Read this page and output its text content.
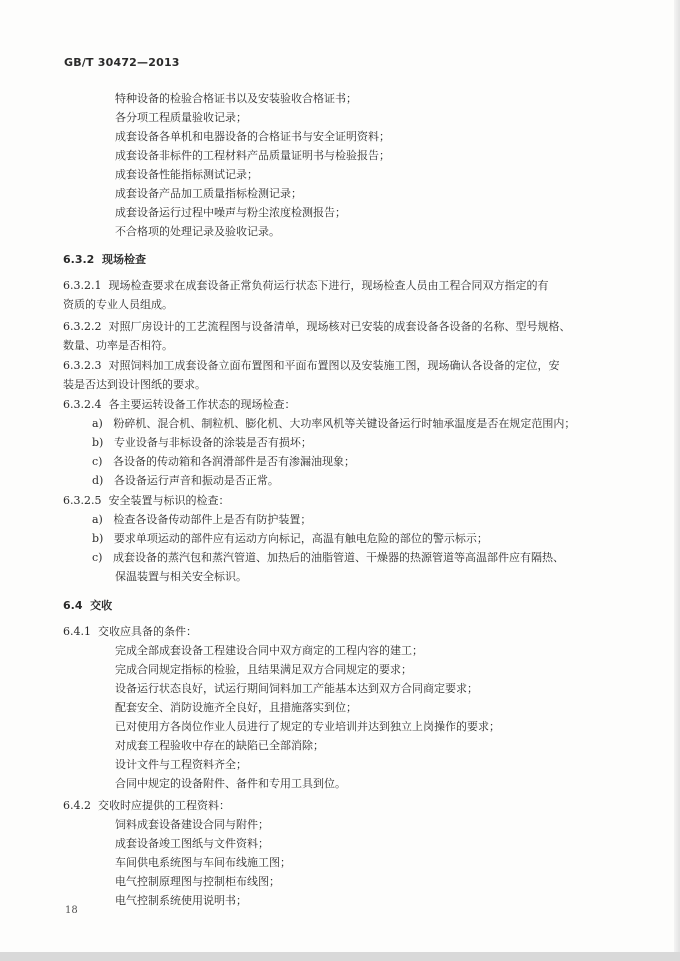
GB/T 30472—2013
特种设备的检验合格证书以及安装验收合格证书；
各分项工程质量验收记录；
成套设备各单机和电器设备的合格证书与安全证明资料；
成套设备非标件的工程材料产品质量证明书与检验报告；
成套设备性能指标测试记录；
成套设备产品加工质量指标检测记录；
成套设备运行过程中噪声与粉尘浓度检测报告；
不合格项的处理记录及验收记录。
6.3.2 现场检查
6.3.2.1 现场检查要求在成套设备正常负荷运行状态下进行，现场检查人员由工程合同双方指定的有
资质的专业人员组成。
6.3.2.2 对照厂房设计的工艺流程图与设备清单，现场核对已安装的成套设备各设备的名称、型号规格、
数量、功率是否相符。
6.3.2.3 对照饲料加工成套设备立面布置图和平面布置图以及安装施工图，现场确认各设备的定位，安
装是否达到设计图纸的要求。
6.3.2.4 各主要运转设备工作状态的现场检查：
a) 粉碎机、混合机、制粒机、膨化机、大功率风机等关键设备运行时轴承温度是否在规定范围内；
b) 专业设备与非标设备的涂装是否有损坏；
c) 各设备的传动箱和各润滑部件是否有渗漏油现象；
d) 各设备运行声音和振动是否正常。
6.3.2.5 安全装置与标识的检查：
a) 检查各设备传动部件上是否有防护装置；
b) 要求单项运动的部件应有运动方向标记，高温有触电危险的部位的警示标示；
c) 成套设备的蒸汽包和蒸汽管道、加热后的油脂管道、干燥器的热源管道等高温部件应有隔热、
保温装置与相关安全标识。
6.4 交收
6.4.1 交收应具备的条件：
完成全部成套设备工程建设合同中双方商定的工程内容的建工；
完成合同规定指标的检验，且结果满足双方合同规定的要求；
设备运行状态良好，试运行期间饲料加工产能基本达到双方合同商定要求；
配套安全、消防设施齐全良好，且措施落实到位；
已对使用方各岗位作业人员进行了规定的专业培训并达到独立上岗操作的要求；
对成套工程验收中存在的缺陷已全部消除；
设计文件与工程资料齐全；
合同中规定的设备附件、备件和专用工具到位。
6.4.2 交收时应提供的工程资料：
饲料成套设备建设合同与附件；
成套设备竣工图纸与文件资料；
车间供电系统图与车间布线施工图；
电气控制原理图与控制柜布线图；
电气控制系统使用说明书；
18
